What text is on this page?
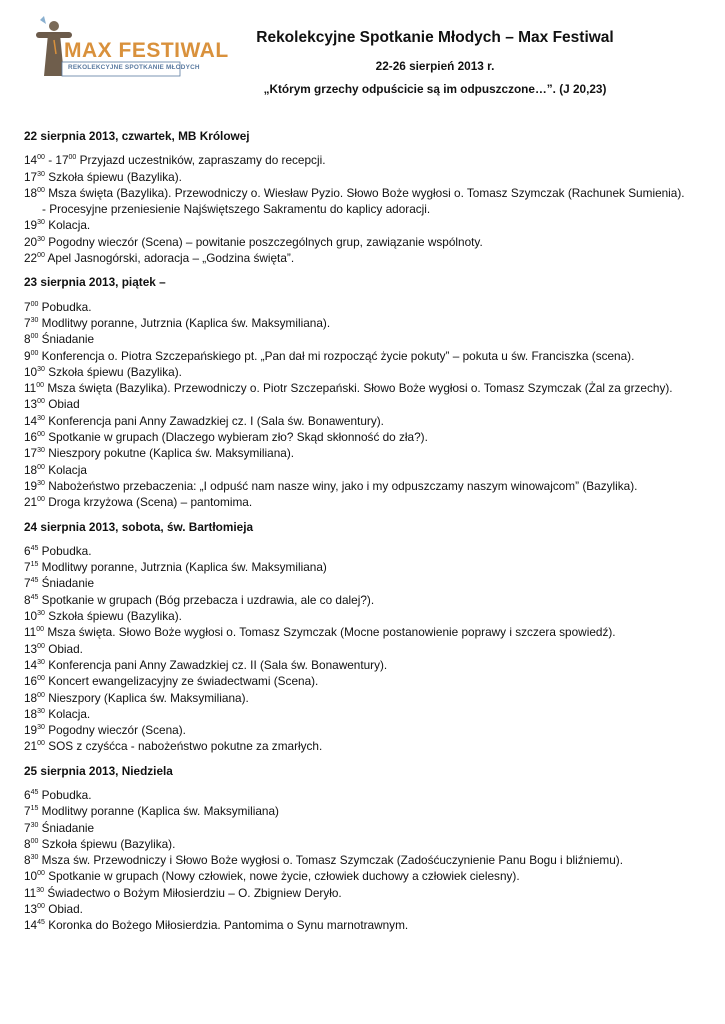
MAX FESTIWAL
REKOLEKCYJNE SPOTKANIE MŁODYCH
Rekolekcyjne Spotkanie Młodych – Max Festiwal
22-26 sierpień 2013 r.
„Którym grzechy odpuścicie są im odpuszczone…”. (J 20,23)
22 sierpnia 2013, czwartek, MB Królowej
$14^{00} - 17^{00}$ Przyjazd uczestników, zapraszamy do recepcji.
$17^{30}$ Szkoła śpiewu (Bazylika).
$18^{00}$ Msza święta (Bazylika). Przewodniczy o. Wiesław Pyzio. Słowo Boże wygłosi o. Tomasz Szymczak (Rachunek Sumienia).
- Procesyjne przeniesienie Najświętszego Sakramentu do kaplicy adoracji.
$19^{30}$ Kolacja.
$20^{30}$ Pogodny wieczór (Scena) – powitanie poszczególnych grup, zawiązanie wspólnoty.
$22^{00}$ Apel Jasnogórski, adoracja – „Godzina święta”.
23 sierpnia 2013, piątek –
$7^{00}$ Pobudka.
$7^{30}$ Modlitwy poranne, Jutrznia (Kaplica św. Maksymiliana).
$8^{00}$ Śniadanie
$9^{00}$ Konferencja o. Piotra Szczepańskiego pt. „Pan dał mi rozpocząć życie pokuty” – pokuta u św. Franciszka (scena).
$10^{30}$ Szkoła śpiewu (Bazylika).
$11^{00}$ Msza święta (Bazylika). Przewodniczy o. Piotr Szczepański. Słowo Boże wygłosi o. Tomasz Szymczak (Żal za grzechy).
$13^{00}$ Obiad
$14^{30}$ Konferencja pani Anny Zawadzkiej cz. I (Sala św. Bonawentury).
$16^{00}$ Spotkanie w grupach (Dlaczego wybieram zło? Skąd skłonność do zła?).
$17^{30}$ Nieszpory pokutne (Kaplica św. Maksymiliana).
$18^{00}$ Kolacja
$19^{30}$ Nabożeństwo przebaczenia: „I odpuść nam nasze winy, jako i my odpuszczamy naszym winowajcom” (Bazylika).
$21^{00}$ Droga krzyżowa (Scena) – pantomima.
24 sierpnia 2013, sobota, św. Bartłomieja
$6^{45}$ Pobudka.
$7^{15}$ Modlitwy poranne, Jutrznia (Kaplica św. Maksymiliana)
$7^{45}$ Śniadanie
$8^{45}$ Spotkanie w grupach (Bóg przebacza i uzdrawia, ale co dalej?).
$10^{30}$ Szkoła śpiewu (Bazylika).
$11^{00}$ Msza święta. Słowo Boże wygłosi o. Tomasz Szymczak (Mocne postanowienie poprawy i szczera spowiedź).
$13^{00}$ Obiad.
$14^{30}$ Konferencja pani Anny Zawadzkiej cz. II (Sala św. Bonawentury).
$16^{00}$ Koncert ewangelizacyjny ze świadectwami (Scena).
$18^{00}$ Nieszpory (Kaplica św. Maksymiliana).
$18^{30}$ Kolacja.
$19^{30}$ Pogodny wieczór (Scena).
$21^{00}$ SOS z czyśćca - nabożeństwo pokutne za zmarłych.
25 sierpnia 2013, Niedziela
$6^{45}$ Pobudka.
$7^{15}$ Modlitwy poranne (Kaplica św. Maksymiliana)
$7^{30}$ Śniadanie
$8^{00}$ Szkoła śpiewu (Bazylika).
$8^{30}$ Msza św. Przewodniczy i Słowo Boże wygłosi o. Tomasz Szymczak (Zadośćuczynienie Panu Bogu i bliźniemu).
$10^{00}$ Spotkanie w grupach (Nowy człowiek, nowe życie, człowiek duchowy a człowiek cielesny).
$11^{30}$ Świadectwo o Bożym Miłosierdziu – O. Zbigniew Deryło.
$13^{00}$ Obiad.
$14^{45}$ Koronka do Bożego Miłosierdzia. Pantomima o Synu marnotrawnym.
